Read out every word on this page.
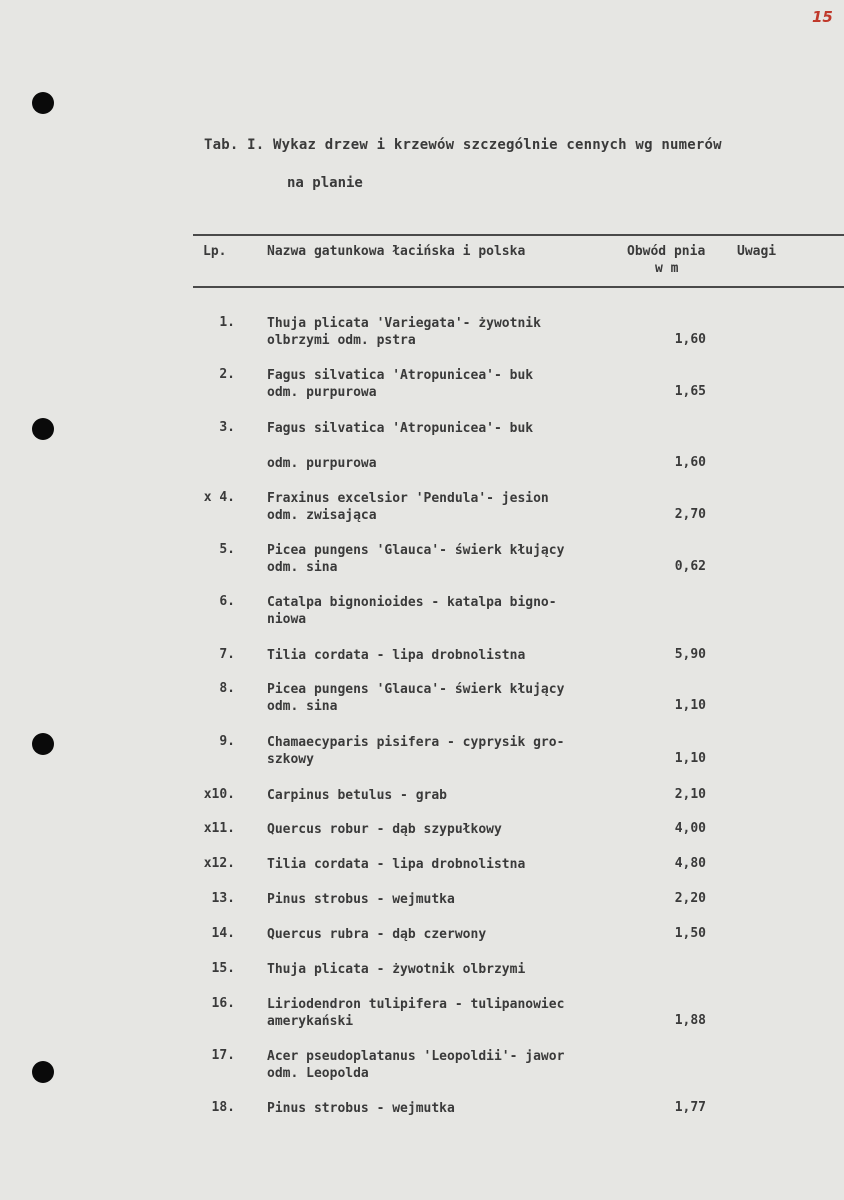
15
Tab. I. Wykaz drzew i krzewów szczególnie cennych wg numerów
na planie
Lp.	Nazwa gatunkowa łacińska i polska	Obwód pnia Uwagi
w m
1. Thuja plicata 'Variegata'- żywotnik
olbrzymi odm. pstra	1,60
2. Fagus silvatica 'Atropunicea'- buk
odm. purpurowa	1,65
3. Fagus silvatica 'Atropunicea'- buk
odm. purpurowa	1,60
x 4. Fraxinus excelsior 'Pendula'- jesion
odm. zwisająca	2,70
5. Picea pungens 'Glauca'- świerk kłujący
odm. sina	0,62
6. Catalpa bignonioides - katalpa bigno-
niowa
7. Tilia cordata - lipa drobnolistna	5,90
8. Picea pungens 'Glauca'- świerk kłujący
odm. sina	1,10
9. Chamaecyparis pisifera - cyprysik gro-
szkowy	1,10
x10. Carpinus betulus - grab	2,10
x11. Quercus robur - dąb szypułkowy	4,00
x12. Tilia cordata - lipa drobnolistna	4,80
13. Pinus strobus - wejmutka	2,20
14. Quercus rubra - dąb czerwony	1,50
15. Thuja plicata - żywotnik olbrzymi
16. Liriodendron tulipifera - tulipanowiec
amerykański	1,88
17. Acer pseudoplatanus 'Leopoldii'- jawor
odm. Leopolda
18. Pinus strobus - wejmutka	1,77
